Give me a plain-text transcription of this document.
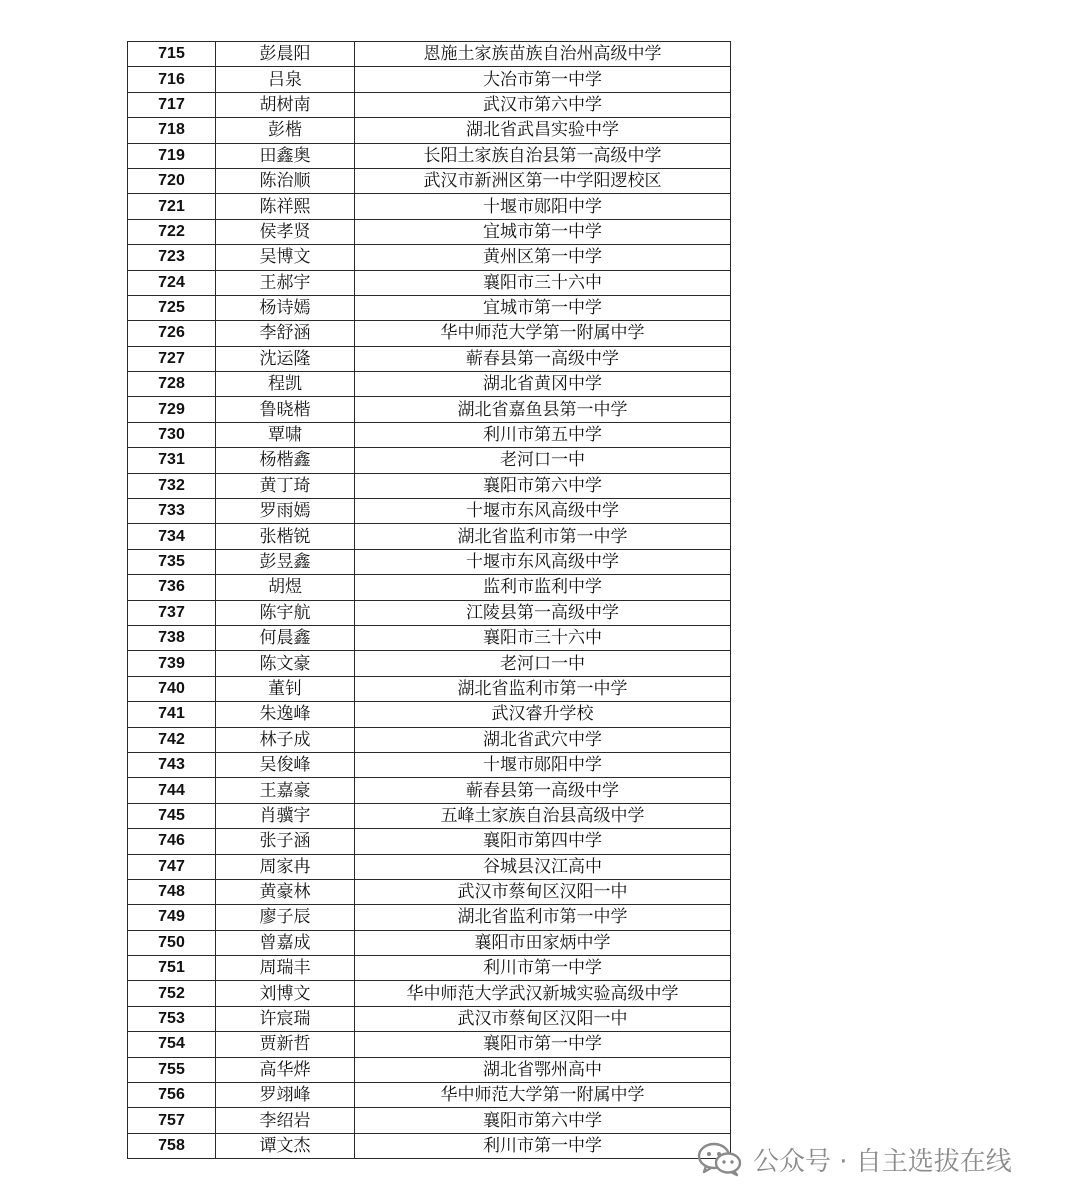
715	彭晨阳	恩施土家族苗族自治州高级中学
716	吕泉	大冶市第一中学
717	胡树南	武汉市第六中学
718	彭楷	湖北省武昌实验中学
719	田鑫奥	长阳土家族自治县第一高级中学
720	陈治顺	武汉市新洲区第一中学阳逻校区
721	陈祥熙	十堰市郧阳中学
722	侯孝贤	宜城市第一中学
723	吴博文	黄州区第一中学
724	王郝宇	襄阳市三十六中
725	杨诗嫣	宜城市第一中学
726	李舒涵	华中师范大学第一附属中学
727	沈运隆	蕲春县第一高级中学
728	程凯	湖北省黄冈中学
729	鲁晓楷	湖北省嘉鱼县第一中学
730	覃啸	利川市第五中学
731	杨楷鑫	老河口一中
732	黄丁琦	襄阳市第六中学
733	罗雨嫣	十堰市东风高级中学
734	张楷锐	湖北省监利市第一中学
735	彭昱鑫	十堰市东风高级中学
736	胡煜	监利市监利中学
737	陈宇航	江陵县第一高级中学
738	何晨鑫	襄阳市三十六中
739	陈文豪	老河口一中
740	董钊	湖北省监利市第一中学
741	朱逸峰	武汉睿升学校
742	林子成	湖北省武穴中学
743	吴俊峰	十堰市郧阳中学
744	王嘉豪	蕲春县第一高级中学
745	肖骥宇	五峰土家族自治县高级中学
746	张子涵	襄阳市第四中学
747	周家冉	谷城县汉江高中
748	黄豪林	武汉市蔡甸区汉阳一中
749	廖子辰	湖北省监利市第一中学
750	曾嘉成	襄阳市田家炳中学
751	周瑞丰	利川市第一中学
752	刘博文	华中师范大学武汉新城实验高级中学
753	许宸瑞	武汉市蔡甸区汉阳一中
754	贾新哲	襄阳市第一中学
755	高华烨	湖北省鄂州高中
756	罗翊峰	华中师范大学第一附属中学
757	李绍岩	襄阳市第六中学
758	谭文杰	利川市第一中学
公众号 · 自主选拔在线
